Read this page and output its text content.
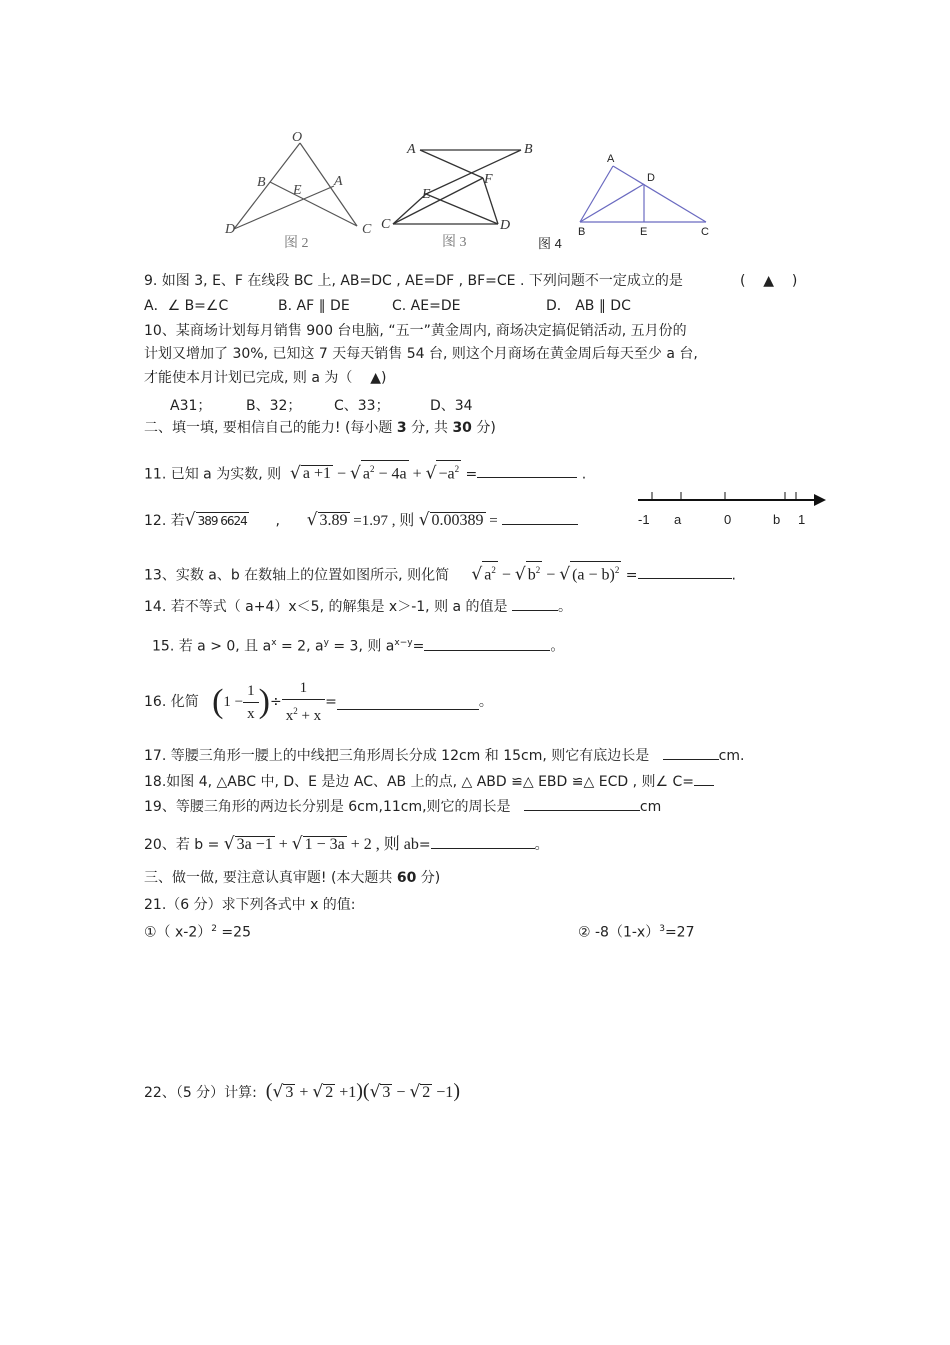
O
B	A
E
D	C
图 2
A	B
E
F
C	D
图 3
A
D
B	E	C
图 4
9. 如图 3, E、F 在线段 BC 上, AB=DC , AE=DF , BF=CE . 下列问题不一定成立的是	( ▲ )
A．∠ B=∠C	B. AF ∥ DE	C. AE=DE	D． AB ∥ DC
10、某商场计划每月销售 900 台电脑, “五一”黄金周内, 商场决定搞促销活动, 五月份的
计划又增加了 30%, 已知这 7 天每天销售 54 台, 则这个月商场在黄金周后每天至少 a 台,
才能使本月计划已完成, 则 a 为（ ▲)
A31； B、32； C、33；	D、34
二、填一填, 要相信自己的能力! (每小题 3 分, 共 30 分)
11. 已知 a 为实数, 则 √ a +1 − √ $a^2 - 4a$ + √ $-a^2$ =	.
-1 a	0	b 1
12. 若√ 389 6624 , √ 3.89 =1.97 , 则 √ 0.00389 =
13、实数 a、b 在数轴上的位置如图所示, 则化简 √ $a^2$ − √ $b^2$ − √ $(a - b)^2$ =	.
14. 若不等式（ a+4）x＜5, 的解集是 x＞-1, 则 a 的值是	。
15. 若 a > 0, 且 $a^x = 2$, $a^y = 3$, 则 $a^{x-y}=$	。
16. 化简 ($1 - \frac{1}{x}$ )÷ $\frac{1}{x^2 + x}$ =	。
17. 等腰三角形一腰上的中线把三角形周长分成 12cm 和 15cm, 则它有底边长是	cm.
18.如图 4, △ABC 中, D、E 是边 AC、AB 上的点, △ ABD ≌△ EBD ≌△ ECD , 则∠ C=
19、等腰三角形的两边长分别是 6cm,11cm,则它的周长是	cm
20、若 b = √ 3a −1 + √ 1 − 3a + 2 , 则 ab=	。
三、做一做, 要注意认真审题! (本大题共 60 分)
21.（6 分）求下列各式中 x 的值:
①（ x-2）$^2$ =25	② $-8(1-x)^3=27$
22、（5 分）计算: (√ 3 + √ 2 +1)(√ 3 − √ 2 −1)
